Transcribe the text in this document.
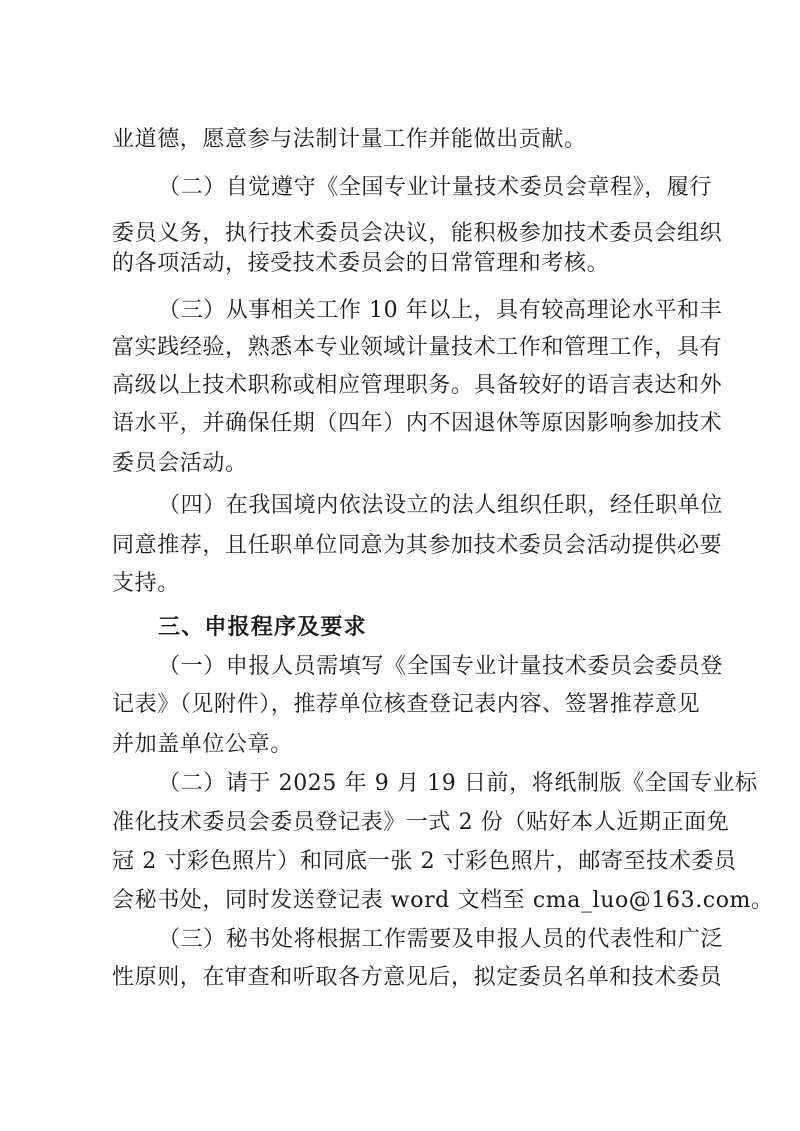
业道德，愿意参与法制计量工作并能做出贡献。
（二）自觉遵守《全国专业计量技术委员会章程》，履行
委员义务，执行技术委员会决议，能积极参加技术委员会组织
的各项活动，接受技术委员会的日常管理和考核。
（三）从事相关工作 10 年以上，具有较高理论水平和丰
富实践经验，熟悉本专业领域计量技术工作和管理工作，具有
高级以上技术职称或相应管理职务。具备较好的语言表达和外
语水平，并确保任期（四年）内不因退休等原因影响参加技术
委员会活动。
（四）在我国境内依法设立的法人组织任职，经任职单位
同意推荐，且任职单位同意为其参加技术委员会活动提供必要
支持。
三、申报程序及要求
（一）申报人员需填写《全国专业计量技术委员会委员登
记表》（见附件），推荐单位核查登记表内容、签署推荐意见
并加盖单位公章。
（二）请于 2025 年 9 月 19 日前，将纸制版《全国专业标
准化技术委员会委员登记表》一式 2 份（贴好本人近期正面免
冠 2 寸彩色照片）和同底一张 2 寸彩色照片，邮寄至技术委员
会秘书处，同时发送登记表 word 文档至 cma_luo@163.com。
（三）秘书处将根据工作需要及申报人员的代表性和广泛
性原则，在审查和听取各方意见后，拟定委员名单和技术委员
